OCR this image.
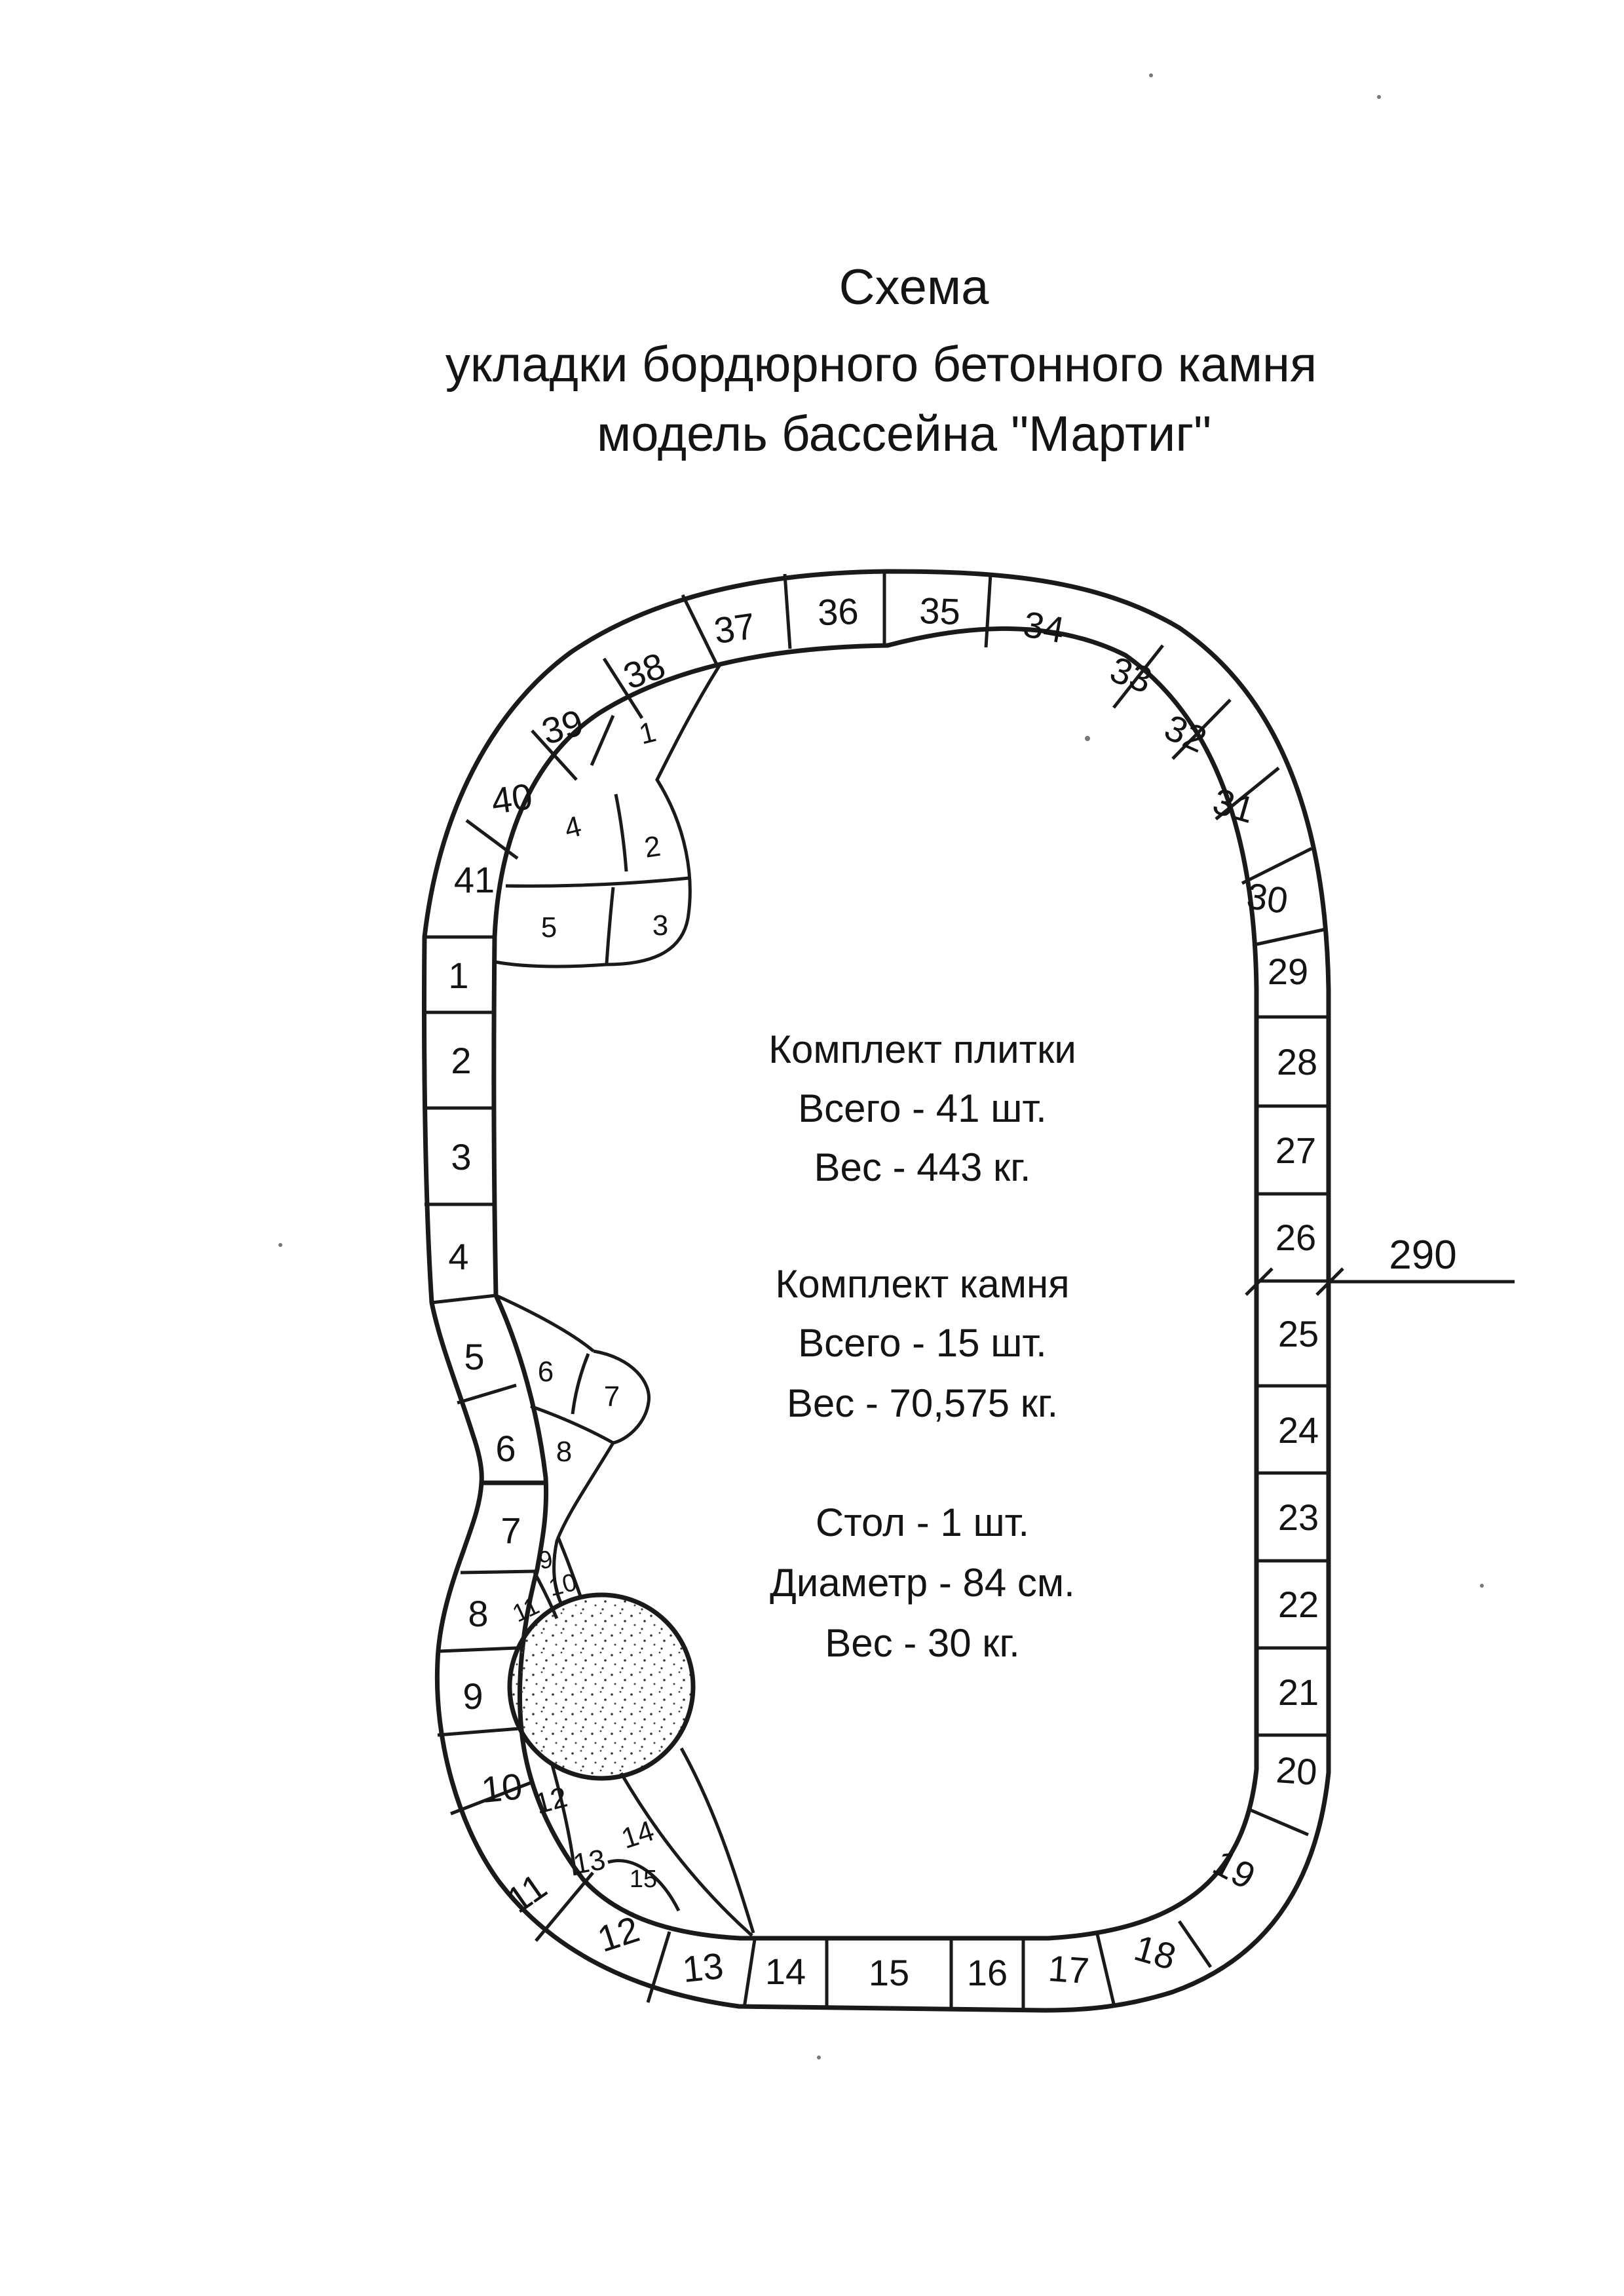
Схема
укладки бордюрного бетонного камня
модель бассейна "Мартиг"
290
Комплект плитки
Всего - 41 шт.
Вес - 443 кг.
Комплект камня
Всего - 15 шт.
Вес - 70,575 кг.
Стол - 1 шт.
Диаметр - 84 см.
Вес - 30 кг.
1
2
3
4
5
6
7
8
9
10
11
12
13 14 15 16 17 18
19
20
21
22
23
24
25
26
27
28
29
30
31
32
33
34
35
36
37
38
39
40
41
1
2
3
4
5
6
7
8
9
10
11
12
13
14
15
